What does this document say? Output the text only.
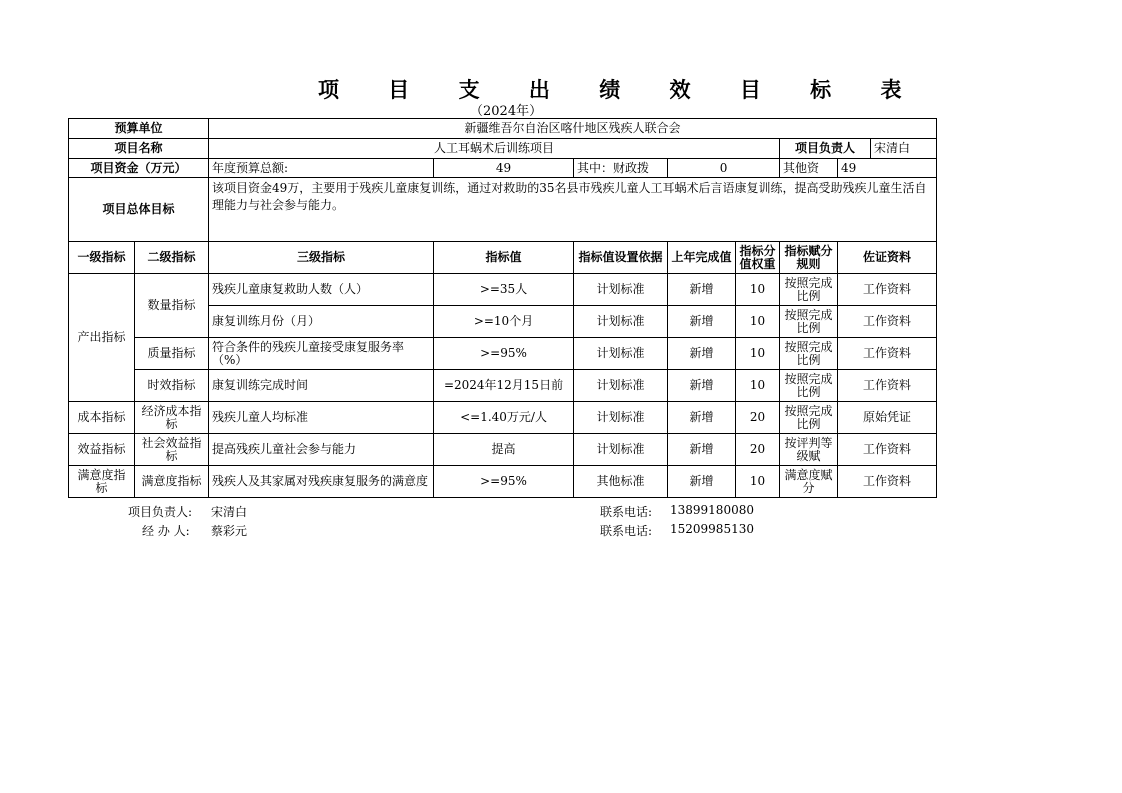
项 目 支 出 绩 效 目 标 表
（2024年）
预算单位		新疆维吾尔自治区喀什地区残疾人联合会							
项目名称		人工耳蜗术后训练项目					项目负责人		宋清白
项目资金（万元）		年度预算总额:	49	其中：财政拨	0		其他资	49	
项目总体目标		该项目资金49万，主要用于残疾儿童康复训练，通过对救助的35名县市残疾儿童人工耳蜗术后言语康复训练，提高受助残疾儿童生活自理能力与社会参与能力。							
一级指标	二级指标	三级指标	指标值	指标值设置依据	上年完成值	指标分值权重	指标赋分规则	佐证资料	
产出指标	数量指标	残疾儿童康复救助人数（人）	>=35人	计划标准	新增	10	按照完成比例	工作资料	
		康复训练月份（月）	>=10个月	计划标准	新增	10	按照完成比例	工作资料	
	质量指标	符合条件的残疾儿童接受康复服务率（%）	>=95%	计划标准	新增	10	按照完成比例	工作资料	
	时效指标	康复训练完成时间	=2024年12月15日前	计划标准	新增	10	按照完成比例	工作资料	
成本指标	经济成本指标	残疾儿童人均标准	<=1.40万元/人	计划标准	新增	20	按照完成比例	原始凭证	
效益指标	社会效益指标	提高残疾儿童社会参与能力	提高	计划标准	新增	20	按评判等级赋	工作资料	
满意度指标	满意度指标	残疾人及其家属对残疾康复服务的满意度	>=95%	其他标准	新增	10	满意度赋分	工作资料	
项目负责人: 宋清白
经 办 人: 蔡彩元
联系电话: 13899180080
联系电话: 15209985130
